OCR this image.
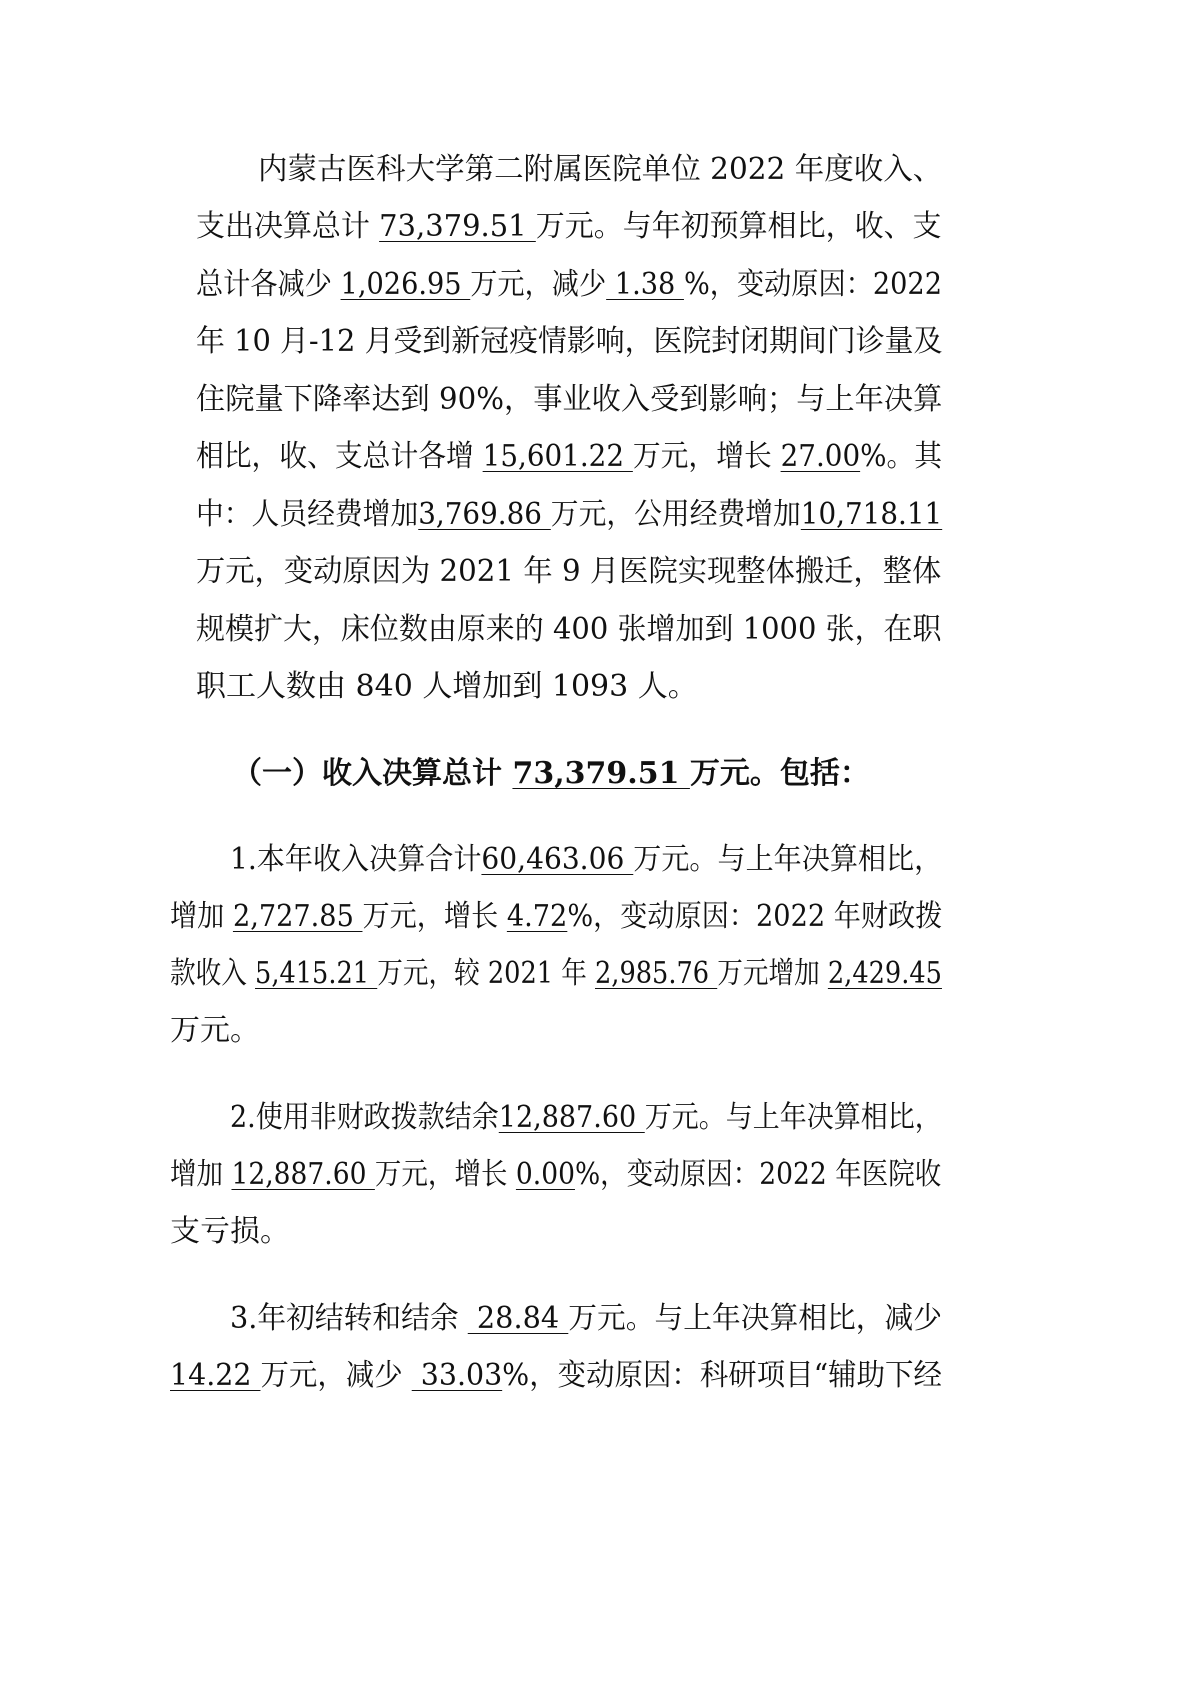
内蒙古医科大学第二附属医院单位 2022 年度收入、
支出决算总计 73,379.51 万元。与年初预算相比，收、支
总计各减少 1,026.95 万元，减少 1.38 %，变动原因：2022
年 10 月-12 月受到新冠疫情影响，医院封闭期间门诊量及
住院量下降率达到 90%，事业收入受到影响；与上年决算
相比，收、支总计各增 15,601.22 万元，增长 27.00%。其
中：人员经费增加3,769.86 万元，公用经费增加10,718.11
万元，变动原因为 2021 年 9 月医院实现整体搬迁，整体
规模扩大，床位数由原来的 400 张增加到 1000 张，在职
职工人数由 840 人增加到 1093 人。
（一）收入决算总计 73,379.51 万元。包括：
1.本年收入决算合计60,463.06 万元。与上年决算相比，
增加 2,727.85 万元，增长 4.72%，变动原因：2022 年财政拨
款收入 5,415.21 万元，较 2021 年 2,985.76 万元增加 2,429.45
万元。
2.使用非财政拨款结余12,887.60 万元。与上年决算相比，
增加 12,887.60 万元，增长 0.00%，变动原因：2022 年医院收
支亏损。
3.年初结转和结余  28.84 万元。与上年决算相比，减少
14.22 万元，减少  33.03%，变动原因：科研项目“辅助下经
